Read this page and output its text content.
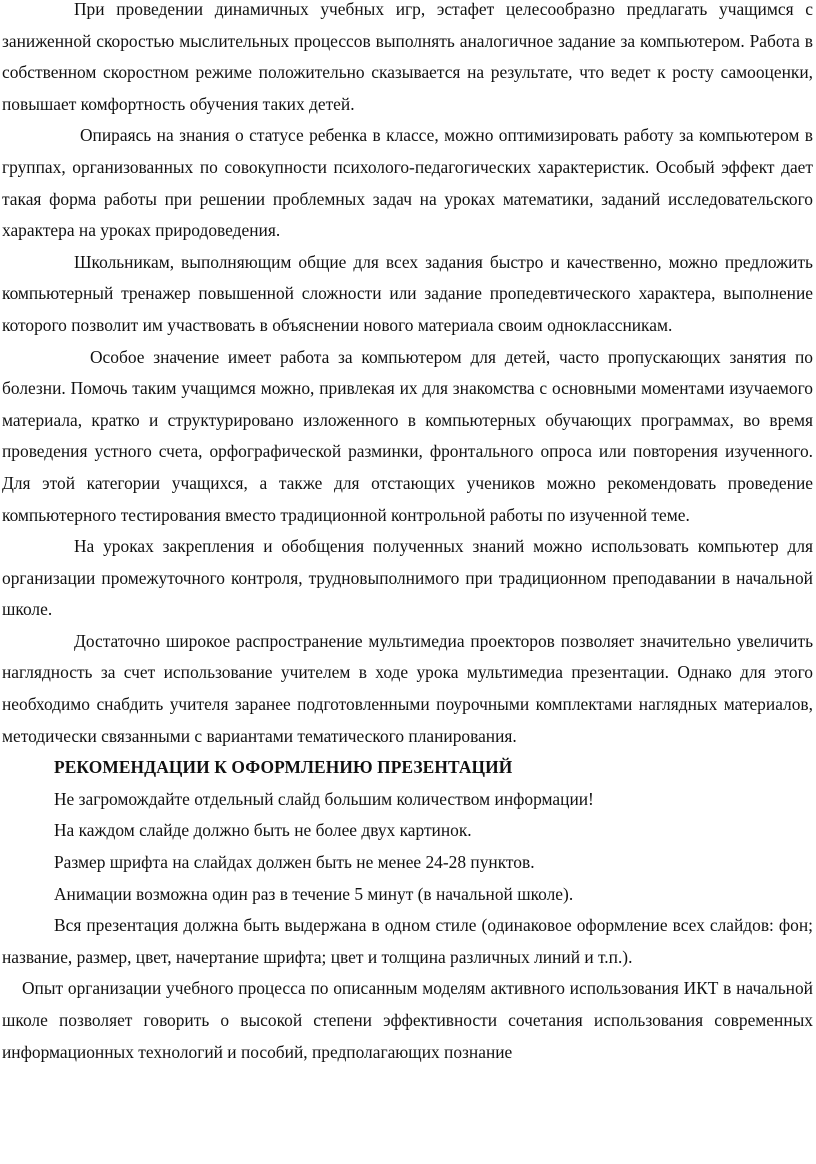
При проведении динамичных учебных игр, эстафет целесообразно предлагать учащимся с заниженной скоростью мыслительных процессов выполнять аналогичное задание за компьютером. Работа в собственном скоростном режиме положительно сказывается на результате, что ведет к росту самооценки, повышает комфортность обучения таких детей.

Опираясь на знания о статусе ребенка в классе, можно оптимизировать работу за компьютером в группах, организованных по совокупности психолого-педагогических характеристик. Особый эффект дает такая форма работы при решении проблемных задач на уроках математики, заданий исследовательского характера на уроках природоведения.

Школьникам, выполняющим общие для всех задания быстро и качественно, можно предложить компьютерный тренажер повышенной сложности или задание пропедевтического характера, выполнение которого позволит им участвовать в объяснении нового материала своим одноклассникам.

Особое значение имеет работа за компьютером для детей, часто пропускающих занятия по болезни. Помочь таким учащимся можно, привлекая их для знакомства с основными моментами изучаемого материала, кратко и структурировано изложенного в компьютерных обучающих программах, во время проведения устного счета, орфографической разминки, фронтального опроса или повторения изученного. Для этой категории учащихся, а также для отстающих учеников можно рекомендовать проведение компьютерного тестирования вместо традиционной контрольной работы по изученной теме.

На уроках закрепления и обобщения полученных знаний можно использовать компьютер для организации промежуточного контроля, трудновыполнимого при традиционном преподавании в начальной школе.

Достаточно широкое распространение мультимедиа проекторов позволяет значительно увеличить наглядность за счет использование учителем в ходе урока мультимедиа презентации. Однако для этого необходимо снабдить учителя заранее подготовленными поурочными комплектами наглядных материалов, методически связанными с вариантами тематического планирования.

РЕКОМЕНДАЦИИ К ОФОРМЛЕНИЮ ПРЕЗЕНТАЦИЙ

Не загромождайте отдельный слайд большим количеством информации!

На каждом слайде должно быть не более двух картинок.

Размер шрифта на слайдах должен быть не менее 24-28 пунктов.

Анимации возможна один раз в течение 5 минут (в начальной школе).

Вся презентация должна быть выдержана в одном стиле (одинаковое оформление всех слайдов: фон; название, размер, цвет, начертание шрифта; цвет и толщина различных линий и т.п.).

Опыт организации учебного процесса по описанным моделям активного использования ИКТ в начальной школе позволяет говорить о высокой степени эффективности сочетания использования современных информационных технологий и пособий, предполагающих познание
